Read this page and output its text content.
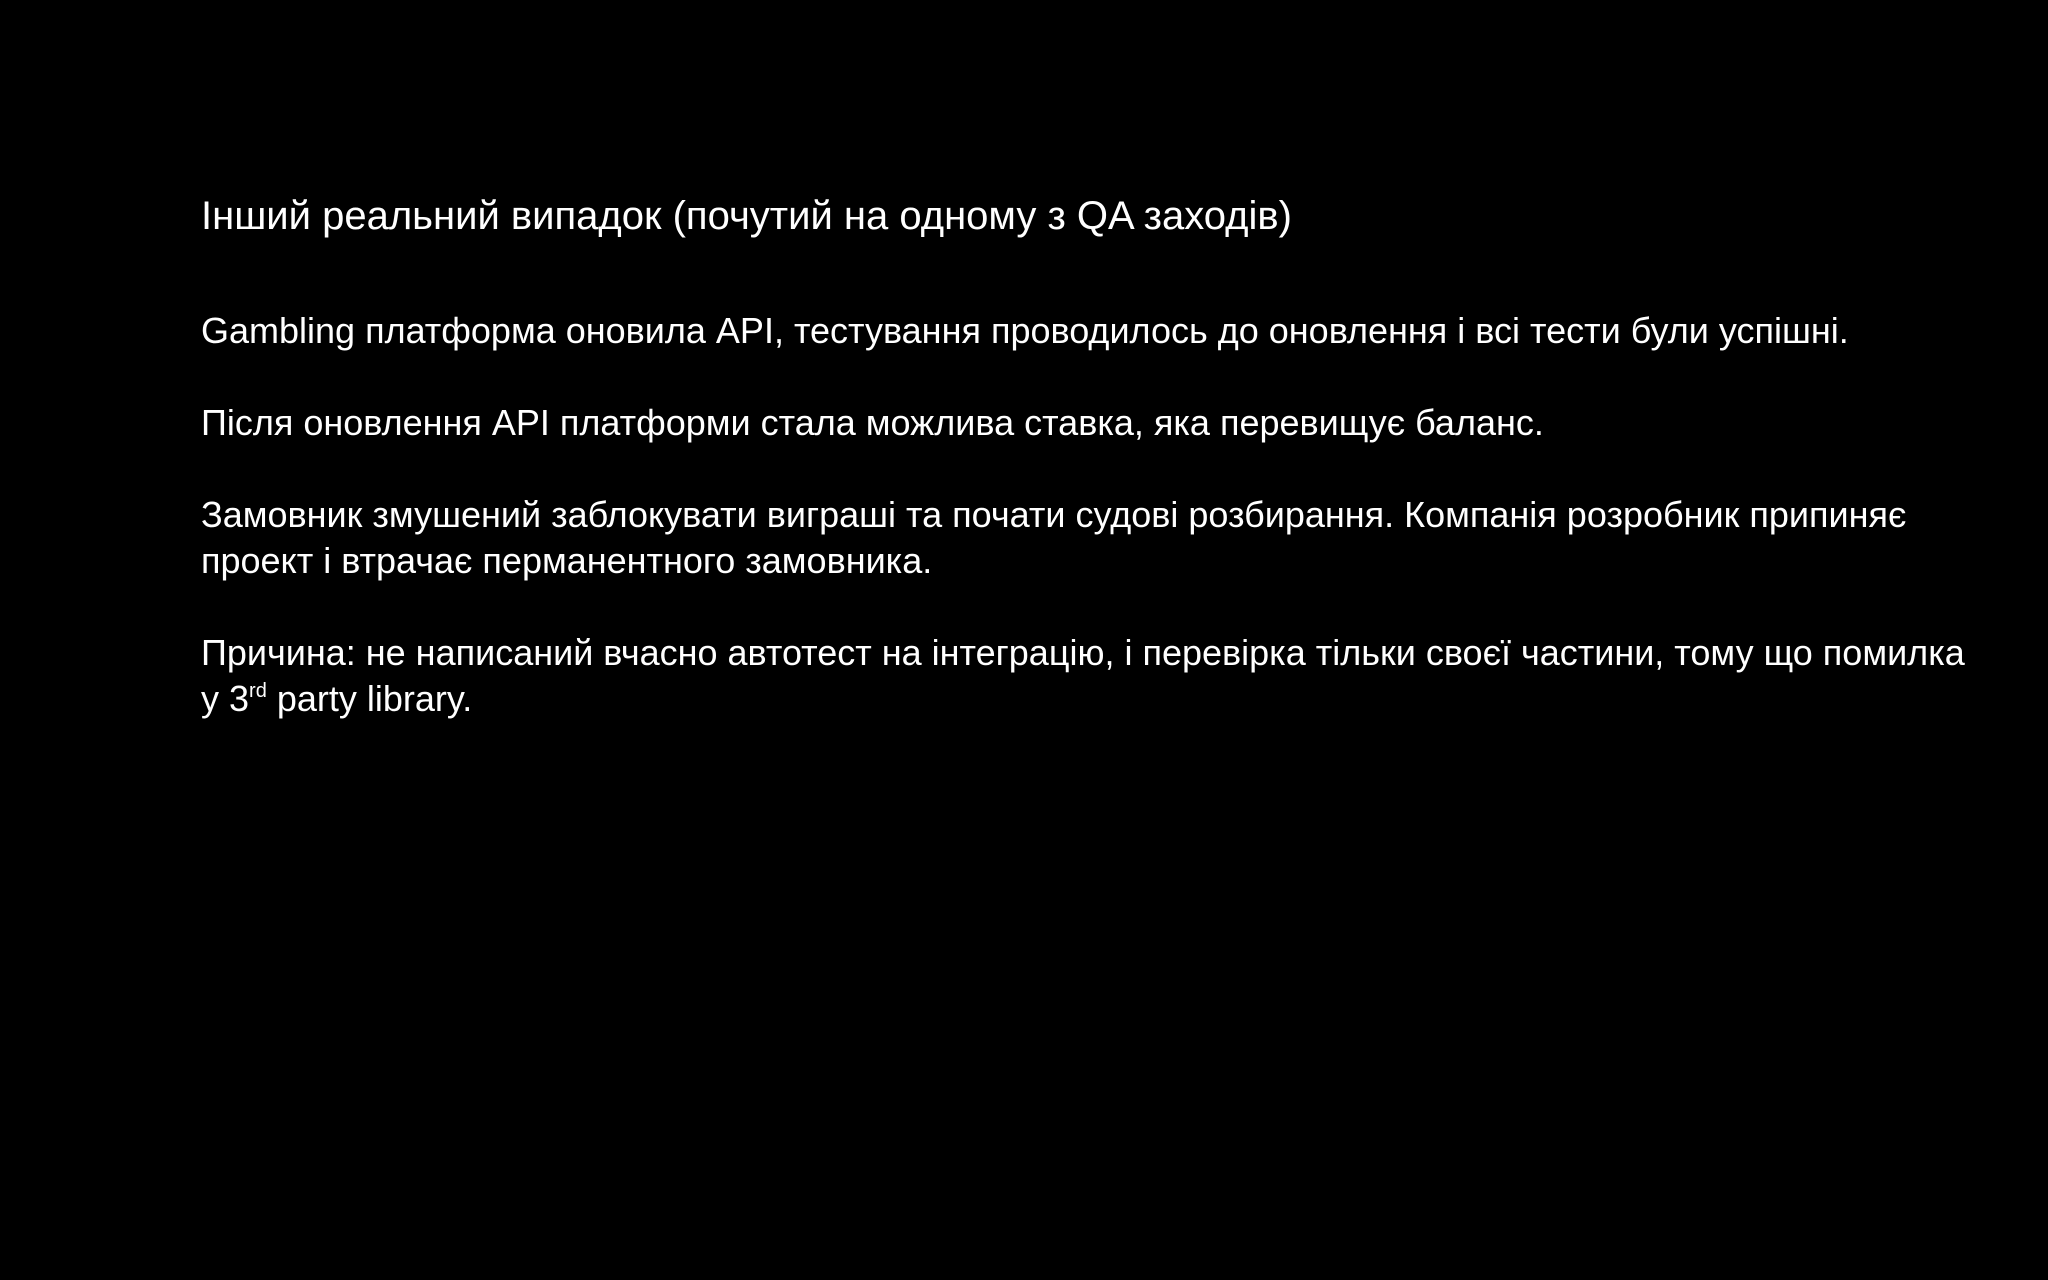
Інший реальний випадок (почутий на одному з QA заходів)

Gambling платформа оновила API, тестування проводилось до оновлення і всі тести були успішні.

Після оновлення API платформи стала можлива ставка, яка перевищує баланс.

Замовник змушений заблокувати виграші та почати судові розбирання. Компанія розробник припиняє проект і втрачає перманентного замовника.

Причина: не написаний вчасно автотест на інтеграцію, і перевірка тільки своєї частини, тому що помилка у 3rd party library.
